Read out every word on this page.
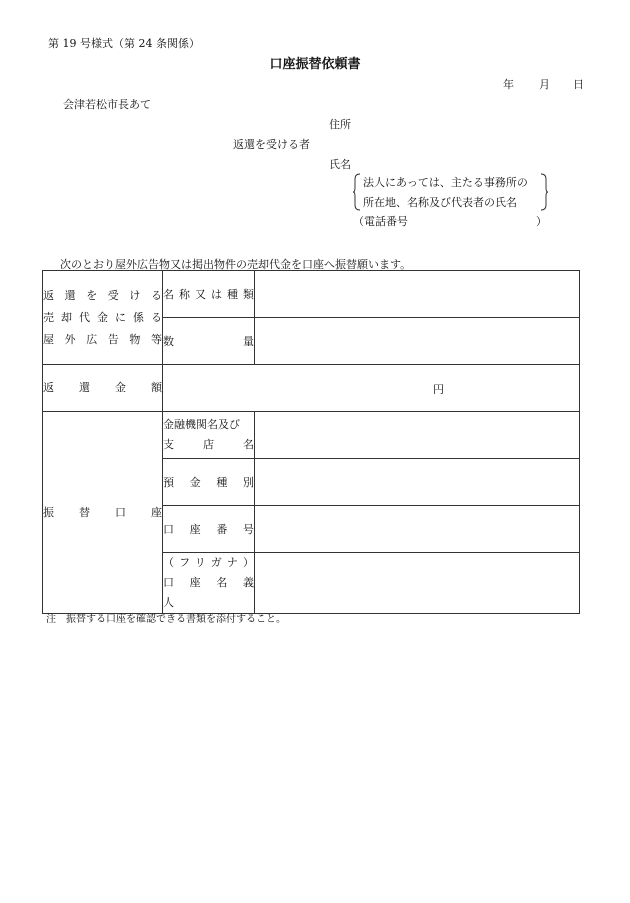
第 19 号様式（第 24 条関係）
口座振替依頼書
年 月 日
会津若松市長あて
住所
返還を受ける者
氏名
法人にあっては、主たる事務所の
所在地、名称及び代表者の氏名
（電話番号	）
次のとおり屋外広告物又は掲出物件の売却代金を口座へ振替願います。
返還を受ける
売却代金に係る
屋外広告物等	名称又は種類	

	数　　　量	

返　　還　　金　　額	円	

振　　替　　口　　座	金融機関名及び
支　　店　　名	

	預　金　種　別	

	口　座　番　号	

	（フリガナ）
口　座　名　義　人	

注　振替する口座を確認できる書類を添付すること。
